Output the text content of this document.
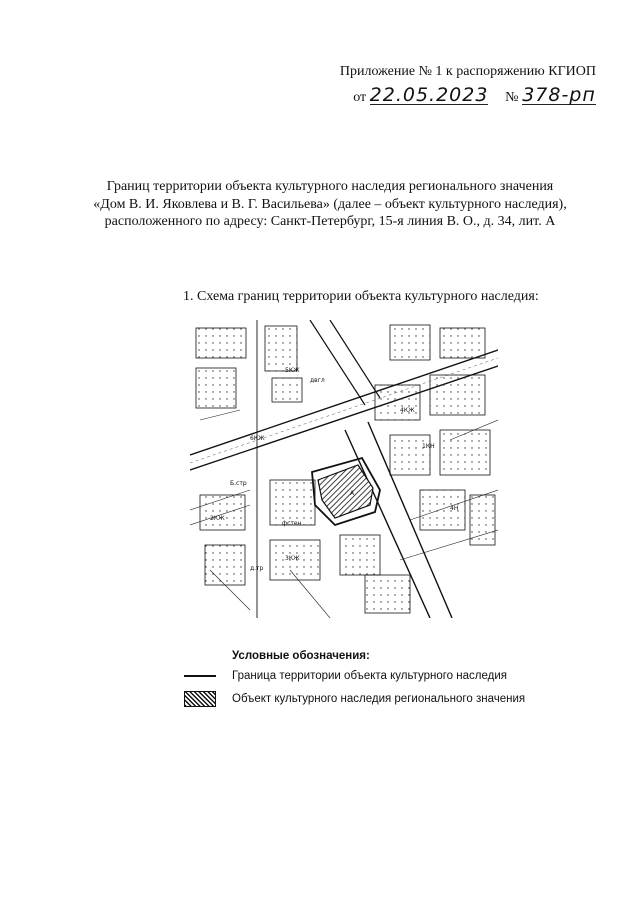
Приложение № 1 к распоряжению КГИОП
от 22.05.2023 № 378-рп
Границ территории объекта культурного наследия регионального значения
«Дом В. И. Яковлева и В. Г. Васильева» (далее – объект культурного наследия),
расположенного по адресу: Санкт-Петербург, 15-я линия В. О., д. 34, лит. А
1. Схема границ территории объекта культурного наследия:
5КЖ
6КЖ
4КЖ
1КН
2КЖ
3КЖ
А
4Н
фстен
Б.стр
д.тр
двгл
Условные обозначения:
Граница территории объекта культурного наследия
Объект культурного наследия регионального значения
